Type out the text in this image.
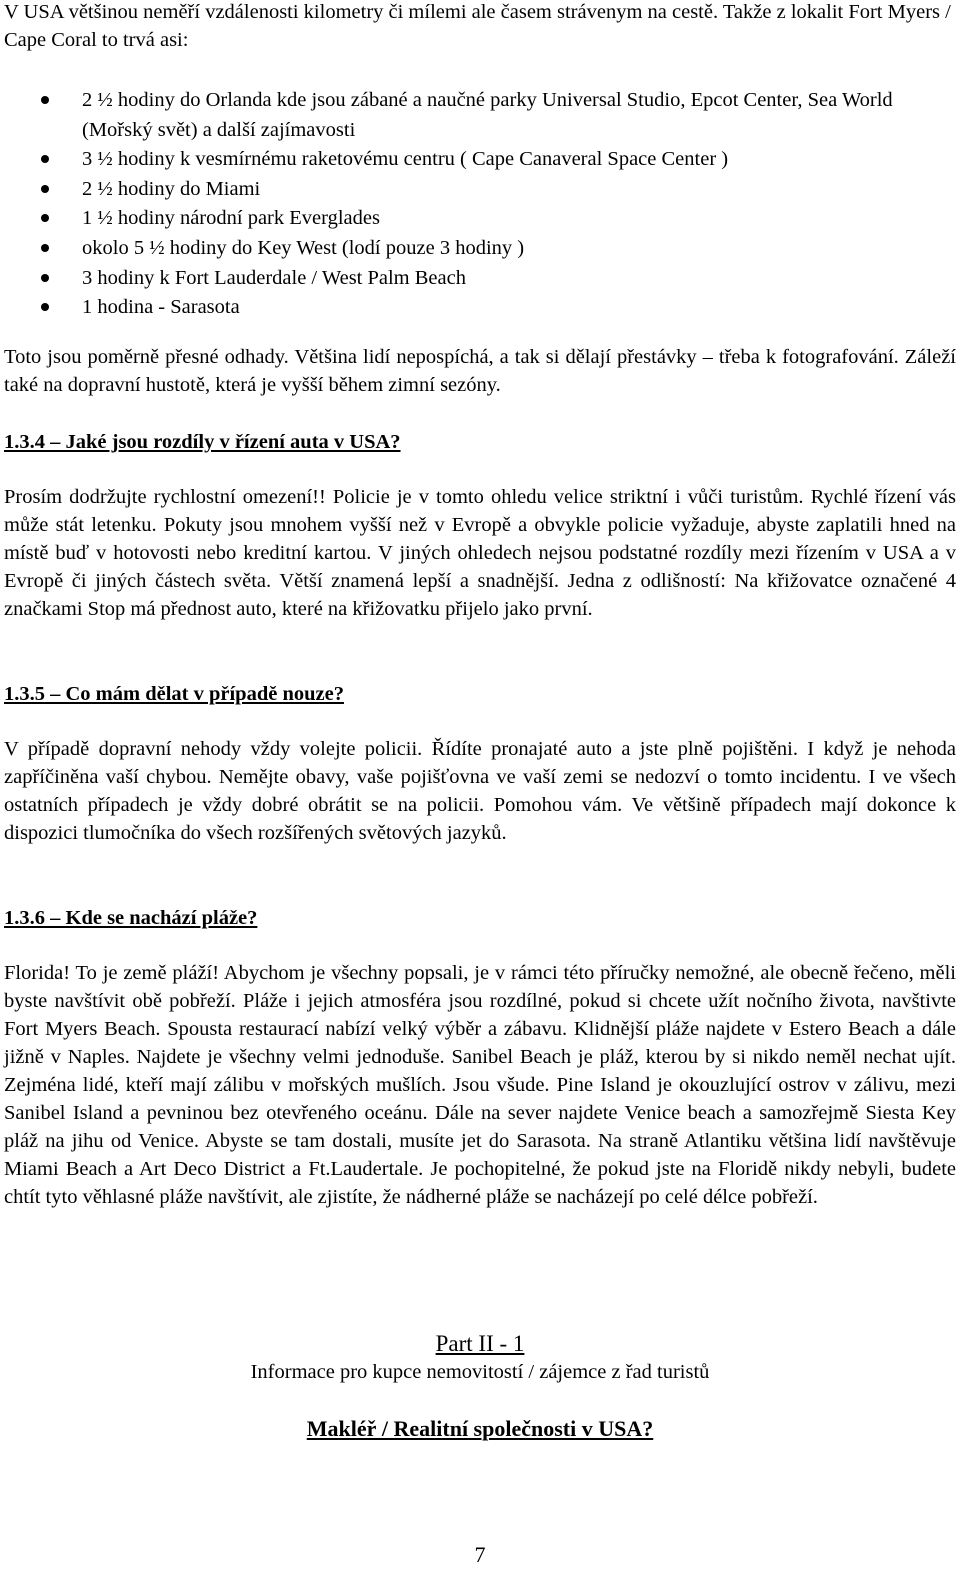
V USA většinou neměří vzdálenosti kilometry či mílemi ale časem strávenym na cestě. Takže z lokalit Fort Myers / Cape Coral to trvá asi:

2 ½ hodiny do Orlanda kde jsou zábané a naučné parky Universal Studio, Epcot Center, Sea World (Mořský svět) a další zajímavosti
3 ½ hodiny k vesmírnému raketovému centru ( Cape Canaveral Space Center )
2 ½ hodiny do Miami
1 ½ hodiny národní park Everglades
okolo 5 ½ hodiny do Key West (lodí pouze 3 hodiny )
3 hodiny k Fort Lauderdale / West Palm Beach
1 hodina - Sarasota

Toto jsou poměrně přesné odhady. Většina lidí nepospíchá, a tak si dělají přestávky – třeba k fotografování. Záleží také na dopravní hustotě, která je vyšší během zimní sezóny.

1.3.4 – Jaké jsou rozdíly v řízení auta v USA?

Prosím dodržujte rychlostní omezení!! Policie je v tomto ohledu velice striktní i vůči turistům. Rychlé řízení vás může stát letenku. Pokuty jsou mnohem vyšší než v Evropě a obvykle policie vyžaduje, abyste zaplatili hned na místě buď v hotovosti nebo kreditní kartou. V jiných ohledech nejsou podstatné rozdíly mezi řízením v USA a v Evropě či jiných částech světa. Větší znamená lepší a snadnější. Jedna z odlišností: Na křižovatce označené 4 značkami Stop má přednost auto, které na křižovatku přijelo jako první.

1.3.5 – Co mám dělat v případě nouze?

V případě dopravní nehody vždy volejte policii. Řídíte pronajaté auto a jste plně pojištěni. I když je nehoda zapříčiněna vaší chybou. Nemějte obavy, vaše pojišťovna ve vaší zemi se nedozví o tomto incidentu. I ve všech ostatních případech je vždy dobré obrátit se na policii. Pomohou vám. Ve většině případech mají dokonce k dispozici tlumočníka do všech rozšířených světových jazyků.

1.3.6 – Kde se nachází pláže?

Florida! To je země pláží! Abychom je všechny popsali, je v rámci této příručky nemožné, ale obecně řečeno, měli byste navštívit obě pobřeží. Pláže i jejich atmosféra jsou rozdílné, pokud si chcete užít nočního života, navštivte Fort Myers Beach. Spousta restaurací nabízí velký výběr a zábavu. Klidnější pláže najdete v Estero Beach a dále jižně v Naples. Najdete je všechny velmi jednoduše. Sanibel Beach je pláž, kterou by si nikdo neměl nechat ujít. Zejména lidé, kteří mají zálibu v mořských mušlích. Jsou všude. Pine Island je okouzlující ostrov v zálivu, mezi Sanibel Island a pevninou bez otevřeného oceánu. Dále na sever najdete Venice beach a samozřejmě Siesta Key pláž na jihu od Venice. Abyste se tam dostali, musíte jet do Sarasota. Na straně Atlantiku většina lidí navštěvuje Miami Beach a Art Deco District a Ft.Laudertale. Je pochopitelné, že pokud jste na Floridě nikdy nebyli, budete chtít tyto věhlasné pláže navštívit, ale zjistíte, že nádherné pláže se nacházejí po celé délce pobřeží.

Part II - 1
Informace pro kupce nemovitostí / zájemce z řad turistů
Makléř / Realitní společnosti v USA?
7
